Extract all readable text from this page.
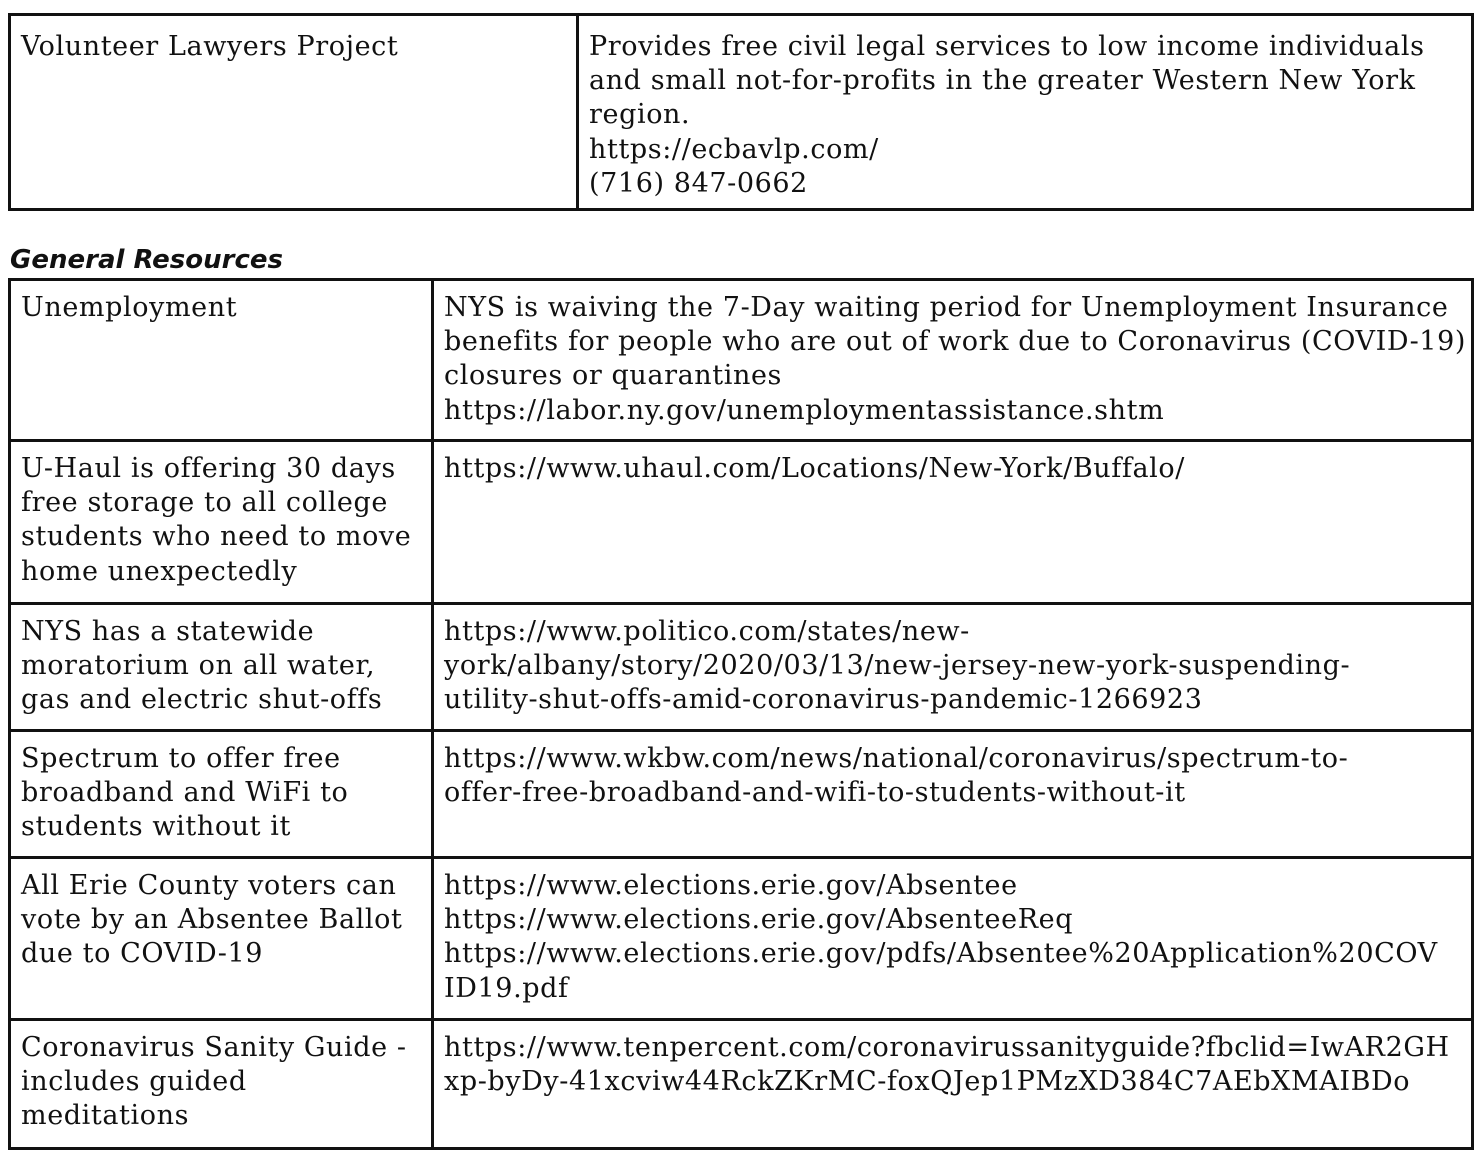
Volunteer Lawyers Project	Provides free civil legal services to low income individuals
and small not-for-profits in the greater Western New York
region.
https://ecbavlp.com/
(716) 847-0662
General Resources
Unemployment	NYS is waiving the 7-Day waiting period for Unemployment Insurance
benefits for people who are out of work due to Coronavirus (COVID-19)
closures or quarantines
https://labor.ny.gov/unemploymentassistance.shtm

U-Haul is offering 30 days free storage to all college students who need to move home unexpectedly	https://www.uhaul.com/Locations/New-York/Buffalo/

NYS has a statewide moratorium on all water, gas and electric shut-offs	https://www.politico.com/states/new-
york/albany/story/2020/03/13/new-jersey-new-york-suspending-
utility-shut-offs-amid-coronavirus-pandemic-1266923

Spectrum to offer free broadband and WiFi to students without it	https://www.wkbw.com/news/national/coronavirus/spectrum-to-
offer-free-broadband-and-wifi-to-students-without-it

All Erie County voters can vote by an Absentee Ballot due to COVID-19	https://www.elections.erie.gov/Absentee
https://www.elections.erie.gov/AbsenteeReq
https://www.elections.erie.gov/pdfs/Absentee%20Application%20COV
ID19.pdf

Coronavirus Sanity Guide - includes guided meditations	https://www.tenpercent.com/coronavirussanityguide?fbclid=IwAR2GH
xp-byDy-41xcviw44RckZKrMC-foxQJep1PMzXD384C7AEbXMAIBDo
